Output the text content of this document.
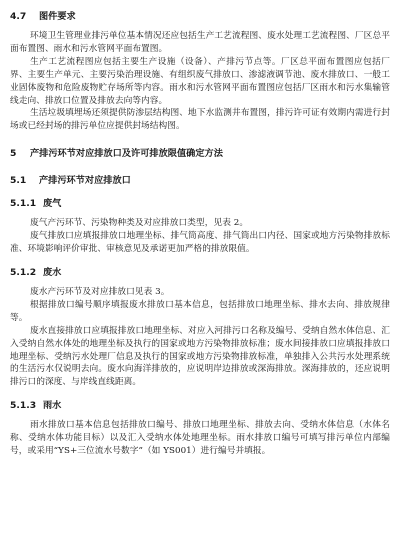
4.7 图件要求

环境卫生管理业排污单位基本情况还应包括生产工艺流程图、废水处理工艺流程图、厂区总平面布置图、雨水和污水管网平面布置图。

生产工艺流程图应包括主要生产设施（设备）、产排污节点等。厂区总平面布置图应包括厂界、主要生产单元、主要污染治理设施、有组织废气排放口、渗滤液调节池、废水排放口、一般工业固体废物和危险废物贮存场所等内容。雨水和污水管网平面布置图应包括厂区雨水和污水集输管线走向、排放口位置及排放去向等内容。

生活垃圾填埋场还须提供防渗层结构图、地下水监测井布置图，排污许可证有效期内需进行封场或已经封场的排污单位应提供封场结构图。

5 产排污环节对应排放口及许可排放限值确定方法

5.1 产排污环节对应排放口

5.1.1 废气

废气产污环节、污染物种类及对应排放口类型，见表 2。

废气排放口应填报排放口地理坐标、排气筒高度、排气筒出口内径、国家或地方污染物排放标准、环境影响评价审批、审核意见及承诺更加严格的排放限值。

5.1.2 废水

废水产污环节及对应排放口见表 3。

根据排放口编号顺序填报废水排放口基本信息，包括排放口地理坐标、排水去向、排放规律等。

废水直接排放口应填报排放口地理坐标、对应入河排污口名称及编号、受纳自然水体信息、汇入受纳自然水体处的地理坐标及执行的国家或地方污染物排放标准；废水间接排放口应填报排放口地理坐标、受纳污水处理厂信息及执行的国家或地方污染物排放标准，单独排入公共污水处理系统的生活污水仅说明去向。废水向海洋排放的，应说明岸边排放或深海排放。深海排放的，还应说明排污口的深度、与岸线直线距离。

5.1.3 雨水

雨水排放口基本信息包括排放口编号、排放口地理坐标、排放去向、受纳水体信息（水体名称、受纳水体功能目标）以及汇入受纳水体处地理坐标。雨水排放口编号可填写排污单位内部编号，或采用“YS+三位流水号数字”（如 YS001）进行编号并填报。
